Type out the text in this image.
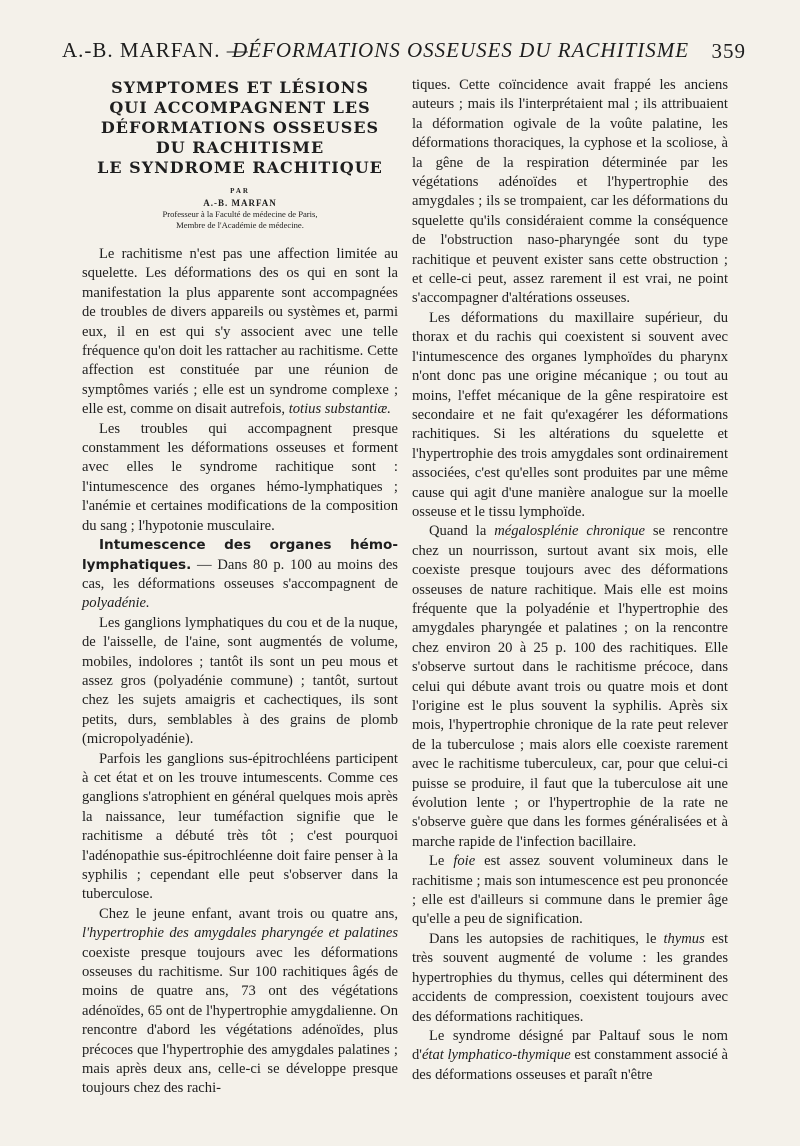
A.-B. MARFAN. —
DÉFORMATIONS OSSEUSES DU RACHITISME 359
SYMPTOMES ET LÉSIONS
QUI ACCOMPAGNENT LES
DÉFORMATIONS OSSEUSES
DU RACHITISME
LE SYNDROME RACHITIQUE
PAR
A.-B. MARFAN
Professeur à la Faculté de médecine de Paris,
Membre de l'Académie de médecine.

Le rachitisme n'est pas une affection limitée au squelette. Les déformations des os qui en sont la manifestation la plus apparente sont accompagnées de troubles de divers appareils ou systèmes et, parmi eux, il en est qui s'y associent avec une telle fréquence qu'on doit les rattacher au rachitisme. Cette affection est constituée par une réunion de symptômes variés ; elle est un syndrome complexe ; elle est, comme on disait autrefois, totius substantiæ.

Les troubles qui accompagnent presque constamment les déformations osseuses et forment avec elles le syndrome rachitique sont : l'intumescence des organes hémo-lymphatiques ; l'anémie et certaines modifications de la composition du sang ; l'hypotonie musculaire.

Intumescence des organes hémo-lymphatiques. — Dans 80 p. 100 au moins des cas, les déformations osseuses s'accompagnent de polyadénie.

Les ganglions lymphatiques du cou et de la nuque, de l'aisselle, de l'aine, sont augmentés de volume, mobiles, indolores ; tantôt ils sont un peu mous et assez gros (polyadénie commune) ; tantôt, surtout chez les sujets amaigris et cachectiques, ils sont petits, durs, semblables à des grains de plomb (micropolyadénie).

Parfois les ganglions sus-épitrochléens participent à cet état et on les trouve intumescents. Comme ces ganglions s'atrophient en général quelques mois après la naissance, leur tuméfaction signifie que le rachitisme a débuté très tôt ; c'est pourquoi l'adénopathie sus-épitrochléenne doit faire penser à la syphilis ; cependant elle peut s'observer dans la tuberculose.

Chez le jeune enfant, avant trois ou quatre ans, l'hypertrophie des amygdales pharyngée et palatines coexiste presque toujours avec les déformations osseuses du rachitisme. Sur 100 rachitiques âgés de moins de quatre ans, 73 ont des végétations adénoïdes, 65 ont de l'hypertrophie amygdalienne. On rencontre d'abord les végétations adénoïdes, plus précoces que l'hypertrophie des amygdales palatines ; mais après deux ans, celle-ci se développe presque toujours chez des rachi-

tiques. Cette coïncidence avait frappé les anciens auteurs ; mais ils l'interprétaient mal ; ils attribuaient la déformation ogivale de la voûte palatine, les déformations thoraciques, la cyphose et la scoliose, à la gêne de la respiration déterminée par les végétations adénoïdes et l'hypertrophie des amygdales ; ils se trompaient, car les déformations du squelette qu'ils considéraient comme la conséquence de l'obstruction naso-pharyngée sont du type rachitique et peuvent exister sans cette obstruction ; et celle-ci peut, assez rarement il est vrai, ne point s'accompagner d'altérations osseuses.

Les déformations du maxillaire supérieur, du thorax et du rachis qui coexistent si souvent avec l'intumescence des organes lymphoïdes du pharynx n'ont donc pas une origine mécanique ; ou tout au moins, l'effet mécanique de la gêne respiratoire est secondaire et ne fait qu'exagérer les déformations rachitiques. Si les altérations du squelette et l'hypertrophie des trois amygdales sont ordinairement associées, c'est qu'elles sont produites par une même cause qui agit d'une manière analogue sur la moelle osseuse et le tissu lymphoïde.

Quand la mégalosplénie chronique se rencontre chez un nourrisson, surtout avant six mois, elle coexiste presque toujours avec des déformations osseuses de nature rachitique. Mais elle est moins fréquente que la polyadénie et l'hypertrophie des amygdales pharyngée et palatines ; on la rencontre chez environ 20 à 25 p. 100 des rachitiques. Elle s'observe surtout dans le rachitisme précoce, dans celui qui débute avant trois ou quatre mois et dont l'origine est le plus souvent la syphilis. Après six mois, l'hypertrophie chronique de la rate peut relever de la tuberculose ; mais alors elle coexiste rarement avec le rachitisme tuberculeux, car, pour que celui-ci puisse se produire, il faut que la tuberculose ait une évolution lente ; or l'hypertrophie de la rate ne s'observe guère que dans les formes généralisées et à marche rapide de l'infection bacillaire.

Le foie est assez souvent volumineux dans le rachitisme ; mais son intumescence est peu prononcée ; elle est d'ailleurs si commune dans le premier âge qu'elle a peu de signification.

Dans les autopsies de rachitiques, le thymus est très souvent augmenté de volume : les grandes hypertrophies du thymus, celles qui déterminent des accidents de compression, coexistent toujours avec des déformations rachitiques.

Le syndrome désigné par Paltauf sous le nom d'état lymphatico-thymique est constamment associé à des déformations osseuses et paraît n'être
